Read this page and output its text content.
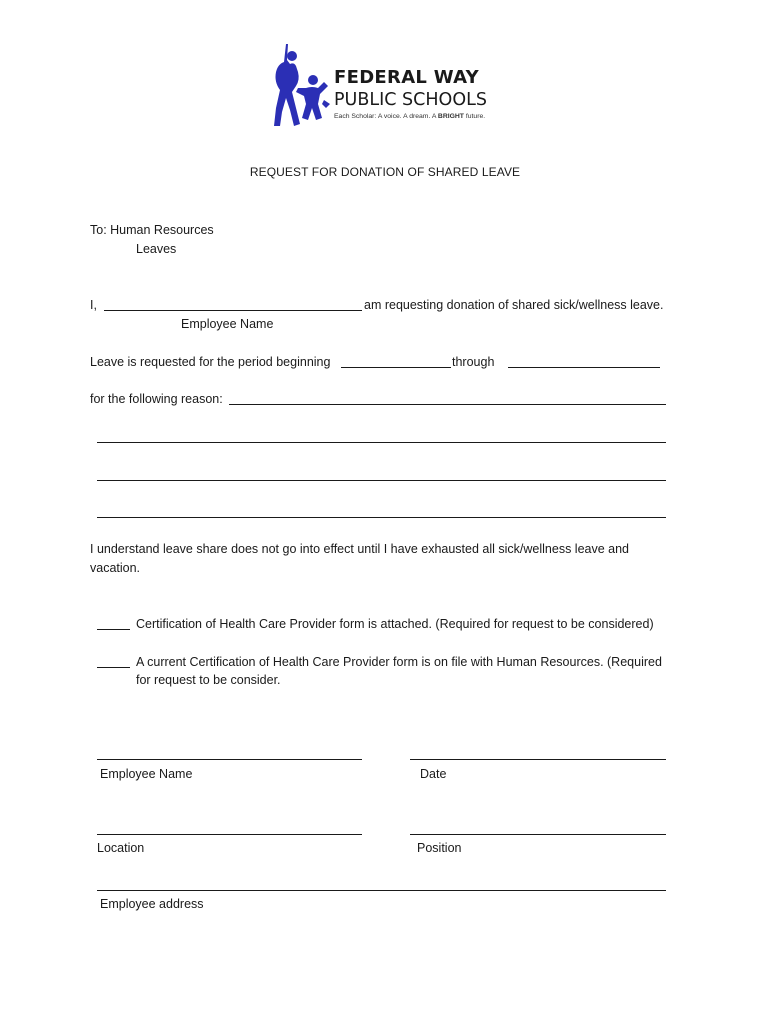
FEDERAL WAY
PUBLIC SCHOOLS
Each Scholar: A voice. A dream. A BRIGHT future.
REQUEST FOR DONATION OF SHARED LEAVE
To: Human Resources
Leaves
I,	am requesting donation of shared sick/wellness leave.
Employee Name
Leave is requested for the period beginning	through
for the following reason:
I understand leave share does not go into effect until I have exhausted all sick/wellness leave and
vacation.
Certification of Health Care Provider form is attached. (Required for request to be considered)
A current Certification of Health Care Provider form is on file with Human Resources. (Required
for request to be consider.
Employee Name	Date
Location	Position
Employee address
